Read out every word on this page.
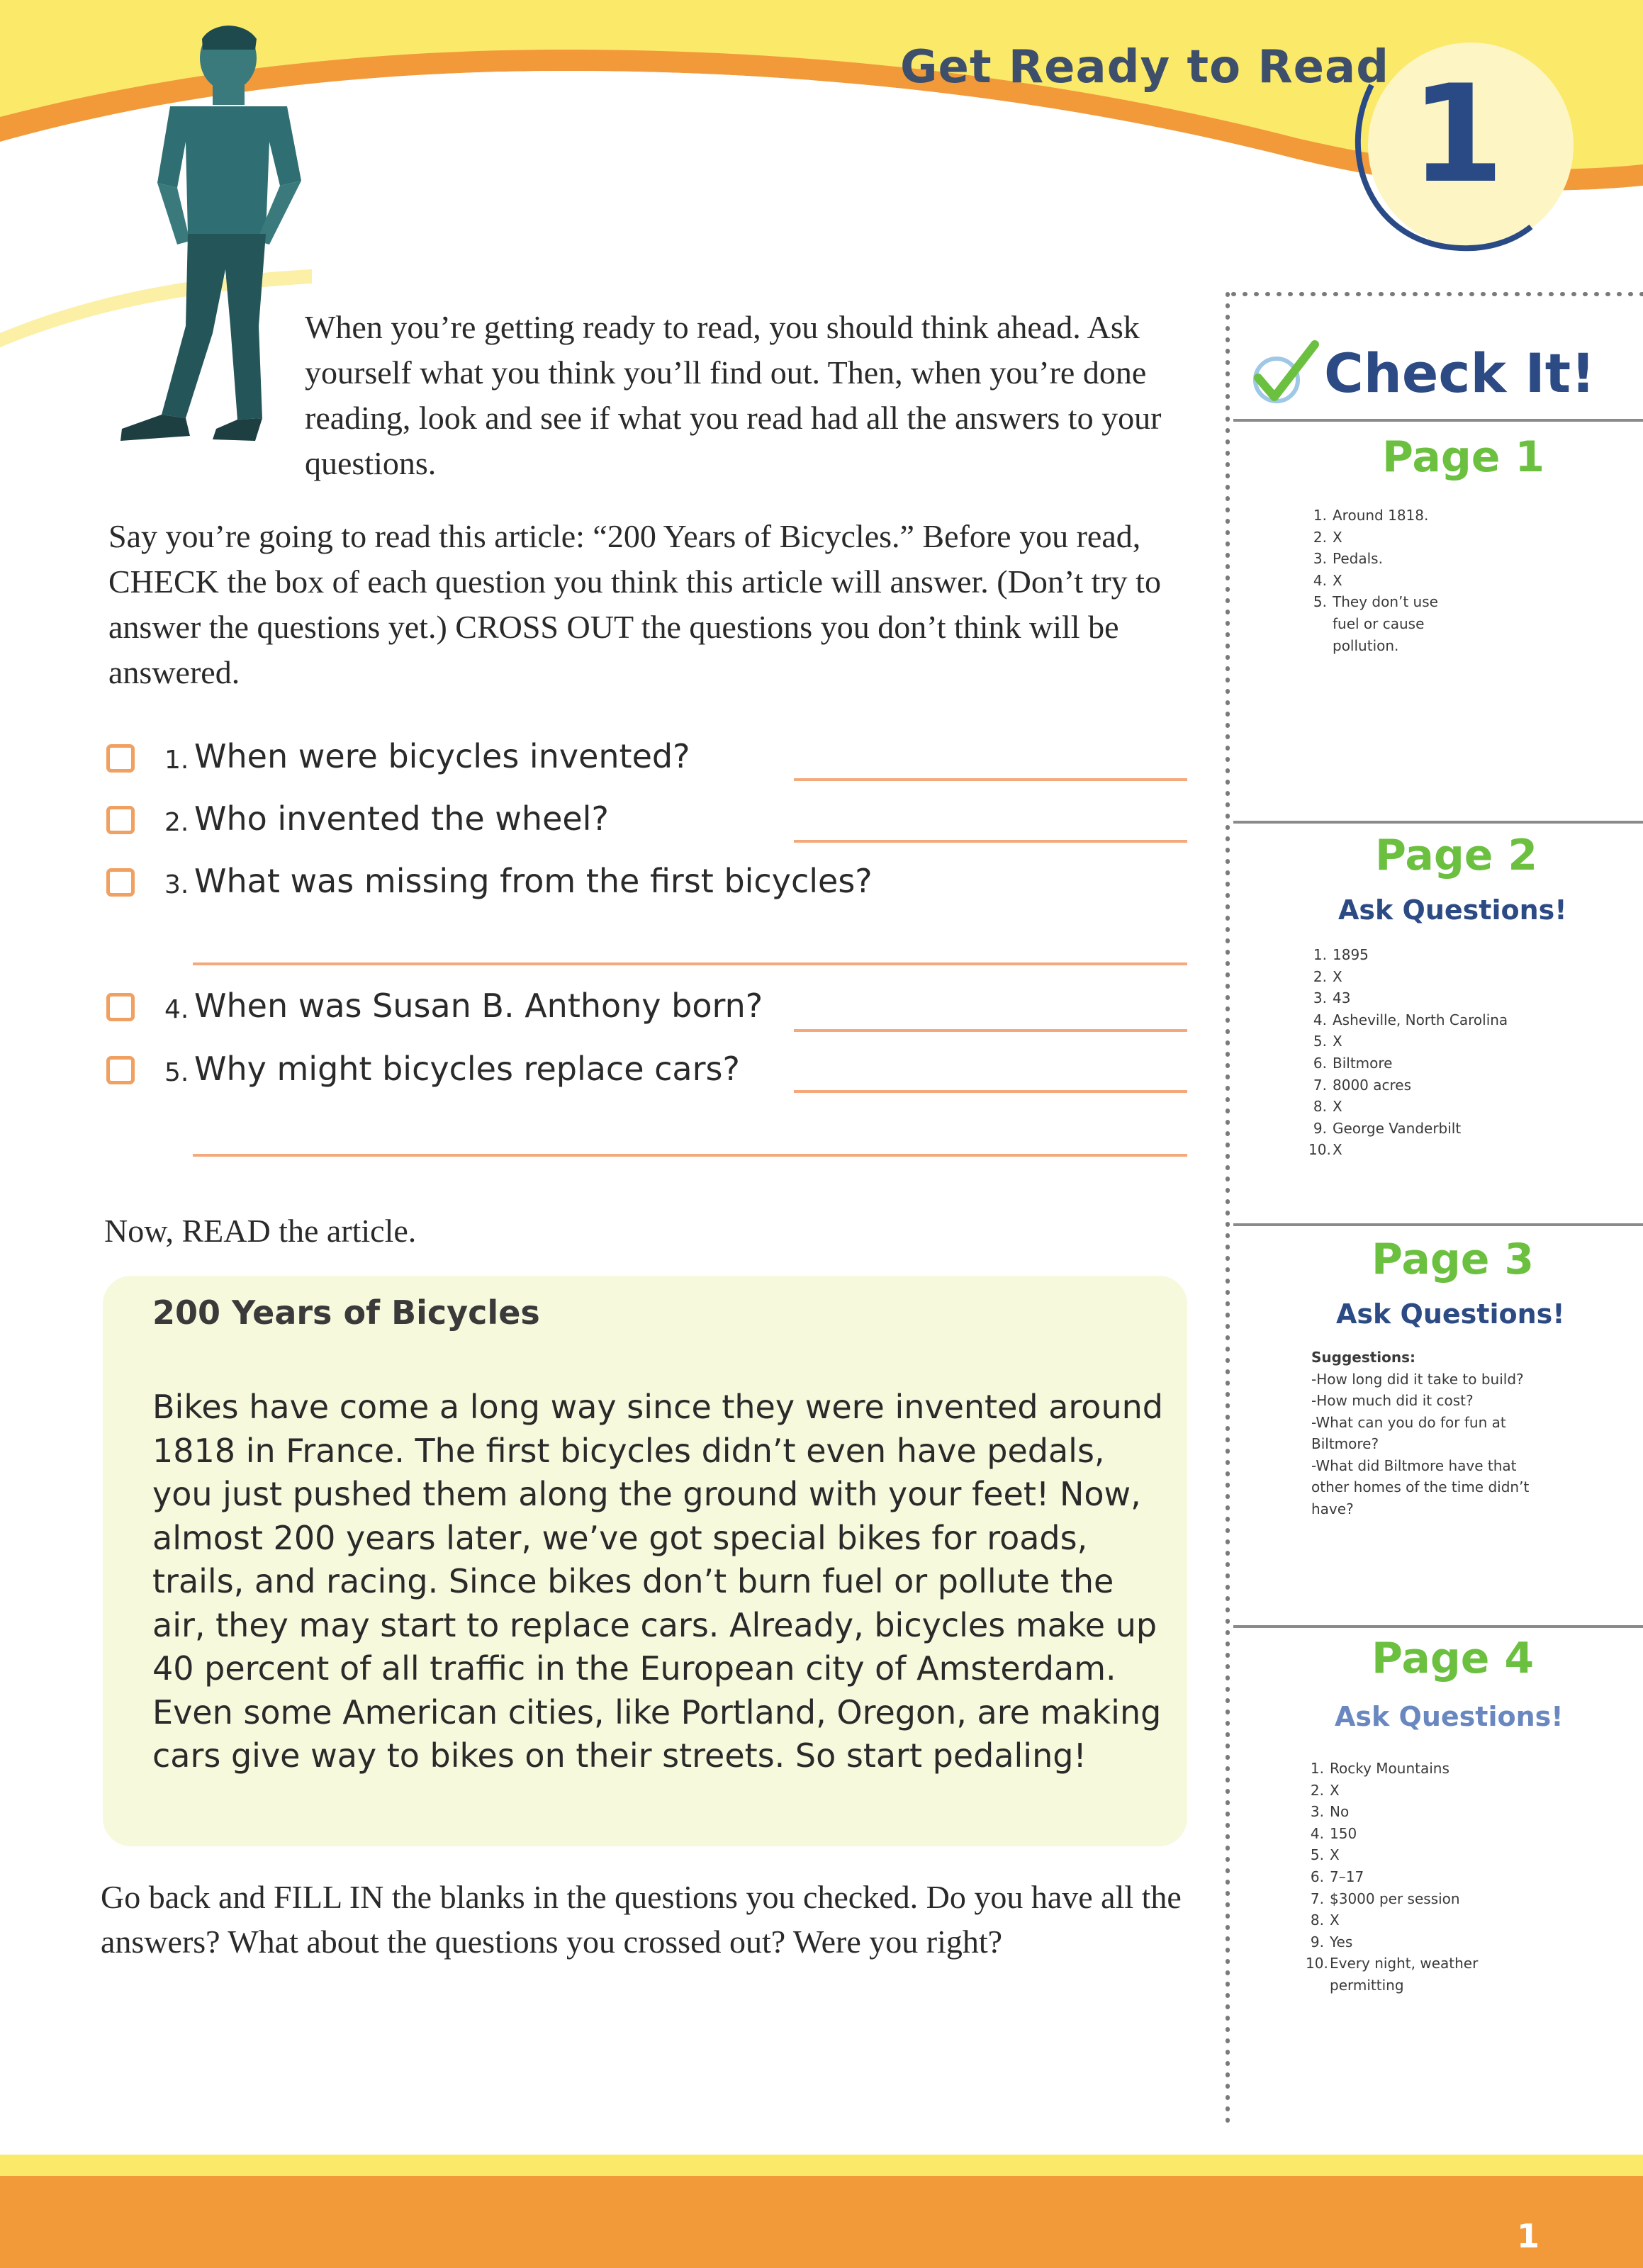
Get Ready to Read 1
When you’re getting ready to read, you should think ahead. Ask yourself what you think you’ll find out. Then, when you’re done reading, look and see if what you read had all the answers to your questions.
Say you’re going to read this article: “200 Years of Bicycles.” Before you read, CHECK the box of each question you think this article will answer. (Don’t try to answer the questions yet.) CROSS OUT the questions you don’t think will be answered.
1. When were bicycles invented?
2. Who invented the wheel?
3. What was missing from the first bicycles?
4. When was Susan B. Anthony born?
5. Why might bicycles replace cars?
Now, READ the article.
200 Years of Bicycles
Bikes have come a long way since they were invented around 1818 in France. The first bicycles didn’t even have pedals, you just pushed them along the ground with your feet! Now, almost 200 years later, we’ve got special bikes for roads, trails, and racing. Since bikes don’t burn fuel or pollute the air, they may start to replace cars. Already, bicycles make up 40 percent of all traffic in the European city of Amsterdam. Even some American cities, like Portland, Oregon, are making cars give way to bikes on their streets. So start pedaling!
Go back and FILL IN the blanks in the questions you checked. Do you have all the answers? What about the questions you crossed out? Were you right?
Check It!
Page 1
1. Around 1818.
2. X
3. Pedals.
4. X
5. They don’t use fuel or cause pollution.
Page 2
Ask Questions!
1. 1895
2. X
3. 43
4. Asheville, North Carolina
5. X
6. Biltmore
7. 8000 acres
8. X
9. George Vanderbilt
10. X
Page 3
Ask Questions!
Suggestions:
-How long did it take to build?
-How much did it cost?
-What can you do for fun at Biltmore?
-What did Biltmore have that other homes of the time didn’t have?
Page 4
Ask Questions!
1. Rocky Mountains
2. X
3. No
4. 150
5. X
6. 7–17
7. $3000 per session
8. X
9. Yes
10. Every night, weather permitting
1
